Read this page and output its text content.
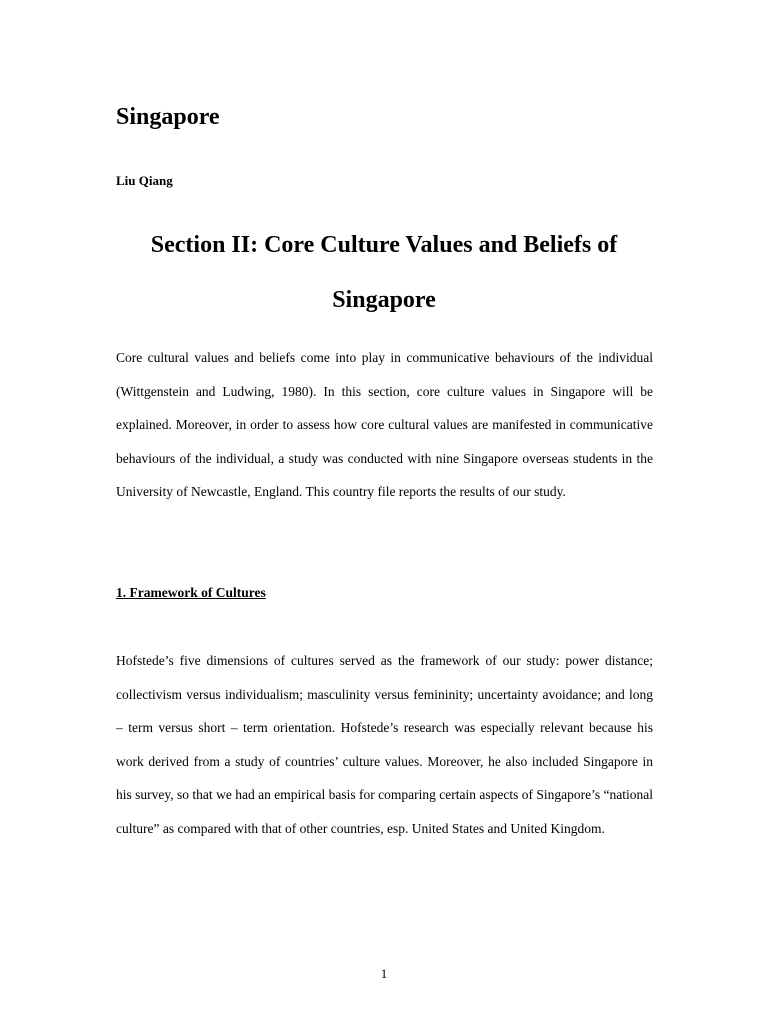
Singapore

Liu Qiang

Section II: Core Culture Values and Beliefs of Singapore

Core cultural values and beliefs come into play in communicative behaviours of the individual (Wittgenstein and Ludwing, 1980). In this section, core culture values in Singapore will be explained. Moreover, in order to assess how core cultural values are manifested in communicative behaviours of the individual, a study was conducted with nine Singapore overseas students in the University of Newcastle, England. This country file reports the results of our study.

1. Framework of Cultures

Hofstede’s five dimensions of cultures served as the framework of our study: power distance; collectivism versus individualism; masculinity versus femininity; uncertainty avoidance; and long – term versus short – term orientation. Hofstede’s research was especially relevant because his work derived from a study of countries’ culture values. Moreover, he also included Singapore in his survey, so that we had an empirical basis for comparing certain aspects of Singapore’s “national culture” as compared with that of other countries, esp. United States and United Kingdom.

1
